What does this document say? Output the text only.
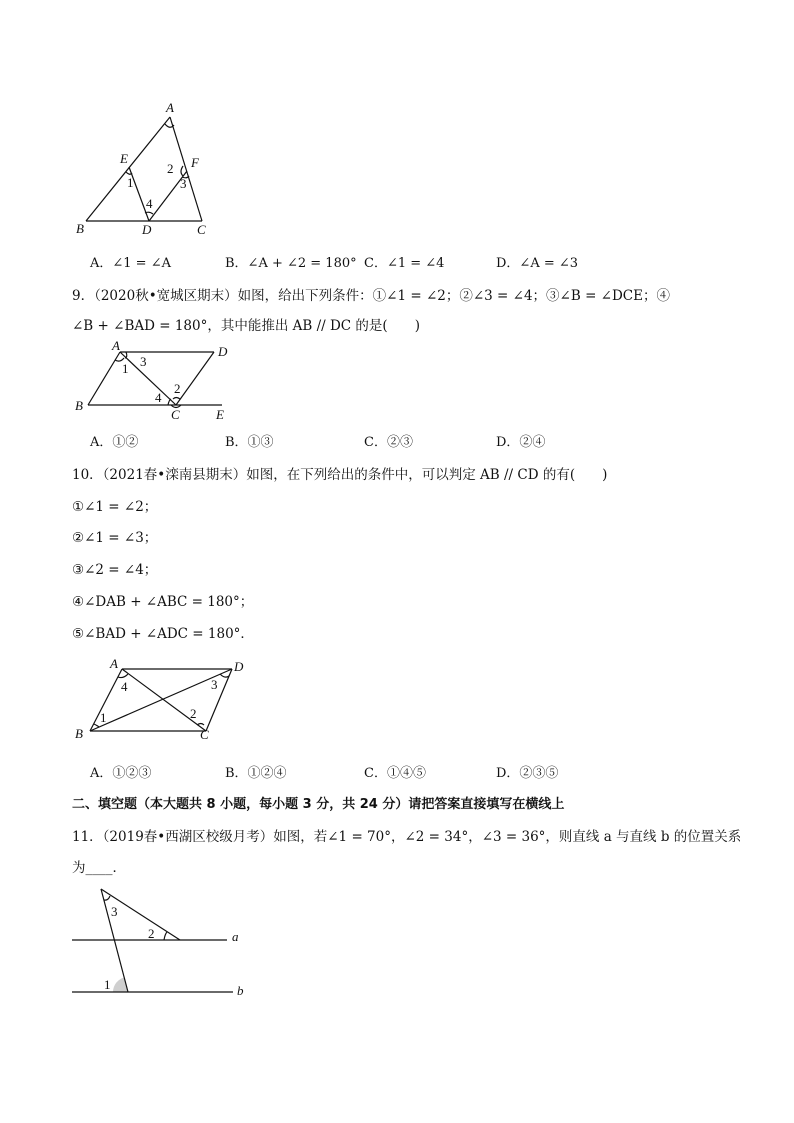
A
E	F
B	D	C
1
2
3
4
A．∠1 = ∠A	B．∠A + ∠2 = 180° C．∠1 = ∠4	D．∠A = ∠3
9．（2020秋•宽城区期末）如图，给出下列条件：①∠1 = ∠2；②∠3 = ∠4；③∠B = ∠DCE；④
∠B + ∠BAD = 180°，其中能推出 AB // DC 的是(　　)
A	D
B
C	E
3
1
2
4
A．①②	B．①③	C．②③	D．②④
10．（2021春•滦南县期末）如图，在下列给出的条件中，可以判定 AB // CD 的有(　　)
①∠1 = ∠2；
②∠1 = ∠3；
③∠2 = ∠4；
④∠DAB + ∠ABC = 180°；
⑤∠BAD + ∠ADC = 180°．
A	D
B	C
4	3
1	2
A．①②③	B．①②④	C．①④⑤	D．②③⑤
二、填空题（本大题共 8 小题，每小题 3 分，共 24 分）请把答案直接填写在横线上
11．（2019春•西湖区校级月考）如图，若∠1 = 70°，∠2 = 34°，∠3 = 36°，则直线 a 与直线 b 的位置关系
为____．
a
b
3
2
1
